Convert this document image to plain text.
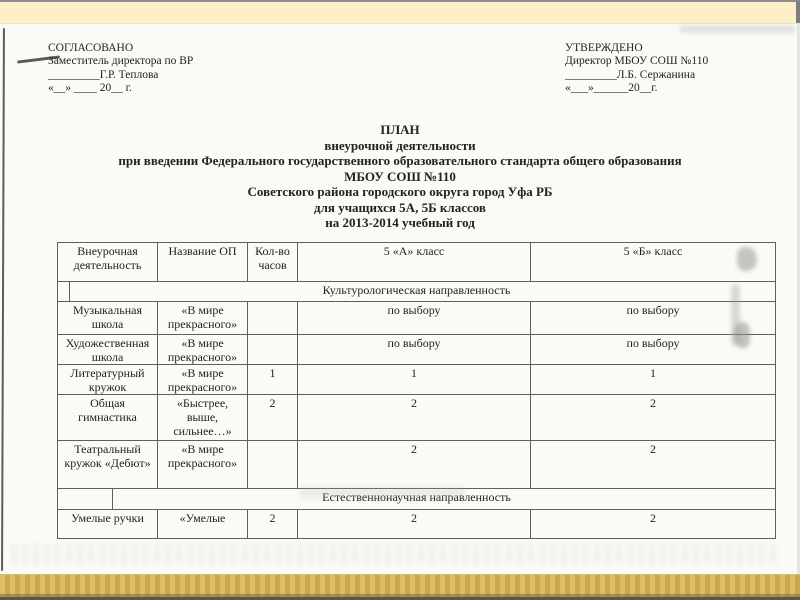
СОГЛАСОВАНО
Заместитель директора по ВР
_________Г.Р. Теплова
«__» ____ 20__ г.
УТВЕРЖДЕНО
Директор МБОУ СОШ №110
_________Л.Б. Сержанина
«___»______20__г.
ПЛАН
внеурочной деятельности
при введении Федерального государственного образовательного стандарта общего образования
МБОУ СОШ №110
Советского района городского округа город Уфа РБ
для учащихся 5А, 5Б классов
на 2013-2014 учебный год
Внеурочная деятельность	Название ОП	Кол-во часов	5 «А» класс	5 «Б» класс

Культурологическая направленность				
Музыкальная школа	«В мире прекрасного»		по выбору	по выбору
Художественная школа	«В мире прекрасного»		по выбору	по выбору
Литературный кружок	«В мире прекрасного»	1	1	1
Общая гимнастика	«Быстрее, выше, сильнее…»	2	2	2
Театральный кружок «Дебют»	«В мире прекрасного»		2	2

Естественнонаучная направленность				
Умелые ручки	«Умелые	2	2	2
